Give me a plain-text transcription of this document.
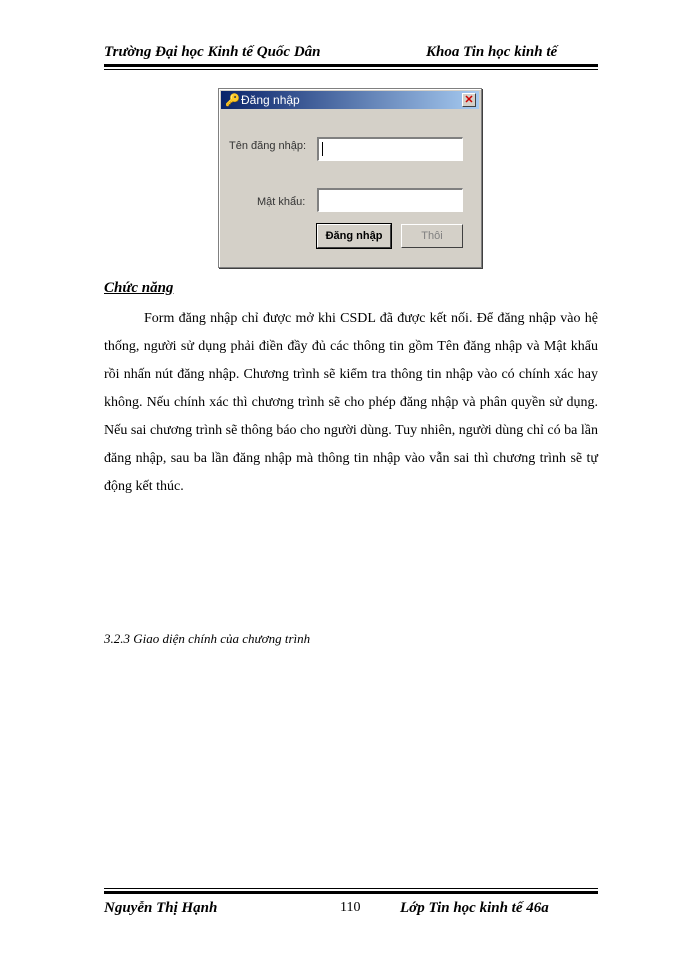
Trường Đại học Kinh tế Quốc Dân	Khoa Tin học kinh tế
🔑 Đăng nhập	✕
Tên đăng nhập:
Mật khẩu:
Đăng nhập	Thôi
Chức năng
Form đăng nhập chỉ được mở khi CSDL đã được kết nối. Để đăng nhập vào hệ thống, người sử dụng phải điền đầy đủ các thông tin gồm Tên đăng nhập và Mật khẩu rồi nhấn nút đăng nhập. Chương trình sẽ kiểm tra thông tin nhập vào có chính xác hay không. Nếu chính xác thì chương trình sẽ cho phép đăng nhập và phân quyền sử dụng. Nếu sai chương trình sẽ thông báo cho người dùng. Tuy nhiên, người dùng chỉ có ba lần đăng nhập, sau ba lần đăng nhập mà thông tin nhập vào vẫn sai thì chương trình sẽ tự động kết thúc.
3.2.3 Giao diện chính của chương trình
Nguyễn Thị Hạnh	110	Lớp Tin học kinh tế 46a
